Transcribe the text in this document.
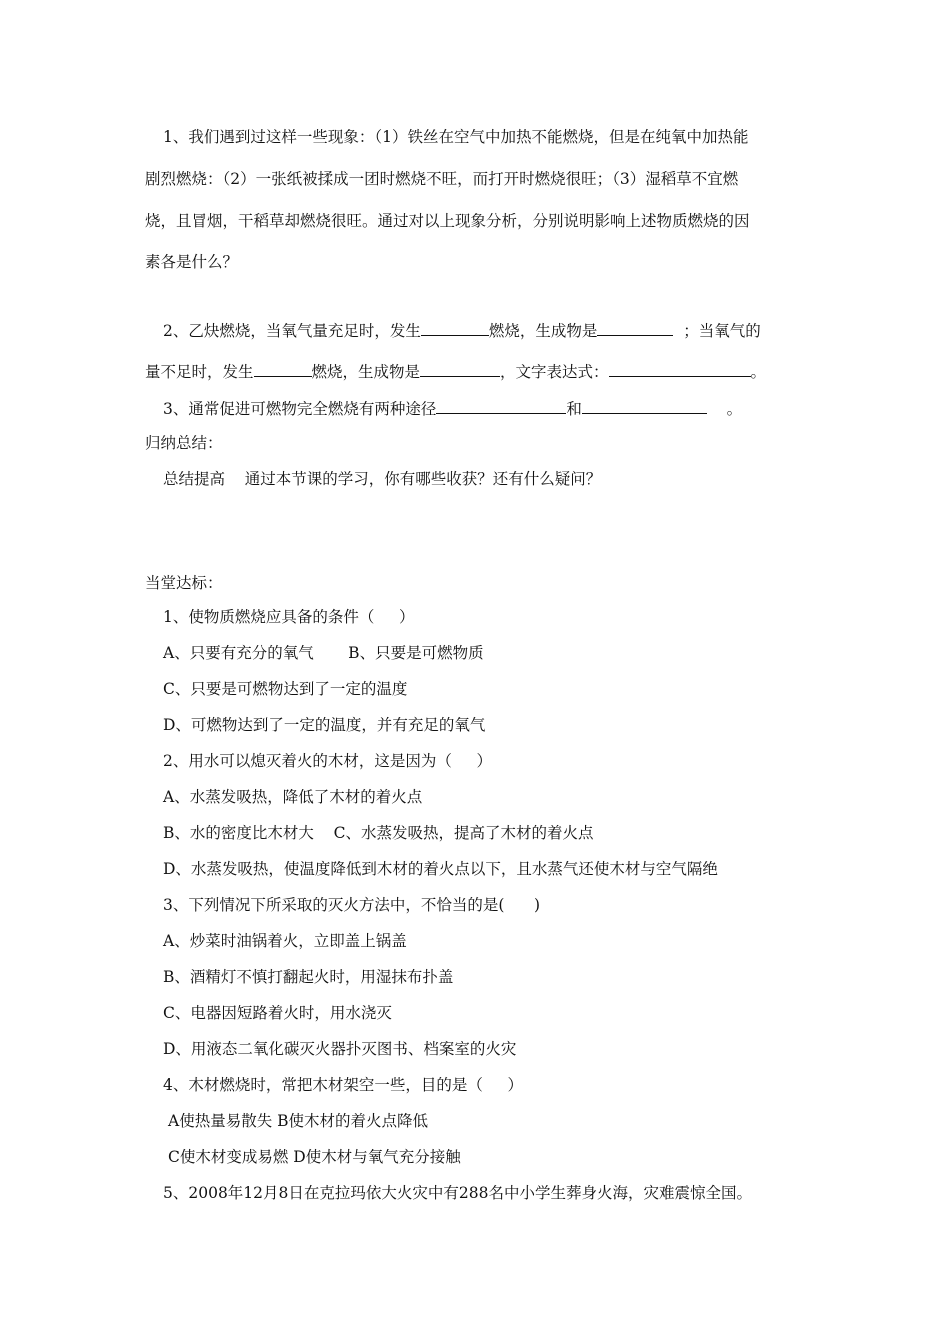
1、我们遇到过这样一些现象：（1）铁丝在空气中加热不能燃烧，但是在纯氧中加热能
剧烈燃烧：（2）一张纸被揉成一团时燃烧不旺，而打开时燃烧很旺；（3）湿稻草不宜燃
烧，且冒烟，干稻草却燃烧很旺。通过对以上现象分析，分别说明影响上述物质燃烧的因
素各是什么？
2、乙炔燃烧，当氧气量充足时，发生	燃烧，生成物是	；当氧气的
量不足时，发生	燃烧，生成物是	，文字表达式：	。
3、通常促进可燃物完全燃烧有两种途径	和	。
归纳总结：
总结提高    通过本节课的学习，你有哪些收获？还有什么疑问？
当堂达标：
1、使物质燃烧应具备的条件（     ）
A、只要有充分的氧气       B、只要是可燃物质
C、只要是可燃物达到了一定的温度
D、可燃物达到了一定的温度，并有充足的氧气
2、用水可以熄灭着火的木材，这是因为（     ）
A、水蒸发吸热，降低了木材的着火点
B、水的密度比木材大    C、水蒸发吸热，提高了木材的着火点
D、水蒸发吸热，使温度降低到木材的着火点以下，且水蒸气还使木材与空气隔绝
3、下列情况下所采取的灭火方法中，不恰当的是(      )
A、炒菜时油锅着火，立即盖上锅盖
B、酒精灯不慎打翻起火时，用湿抹布扑盖
C、电器因短路着火时，用水浇灭
D、用液态二氧化碳灭火器扑灭图书、档案室的火灾
4、木材燃烧时，常把木材架空一些，目的是（     ）
A使热量易散失 B使木材的着火点降低
C使木材变成易燃 D使木材与氧气充分接触
5、2008年12月8日在克拉玛依大火灾中有288名中小学生葬身火海，灾难震惊全国。
